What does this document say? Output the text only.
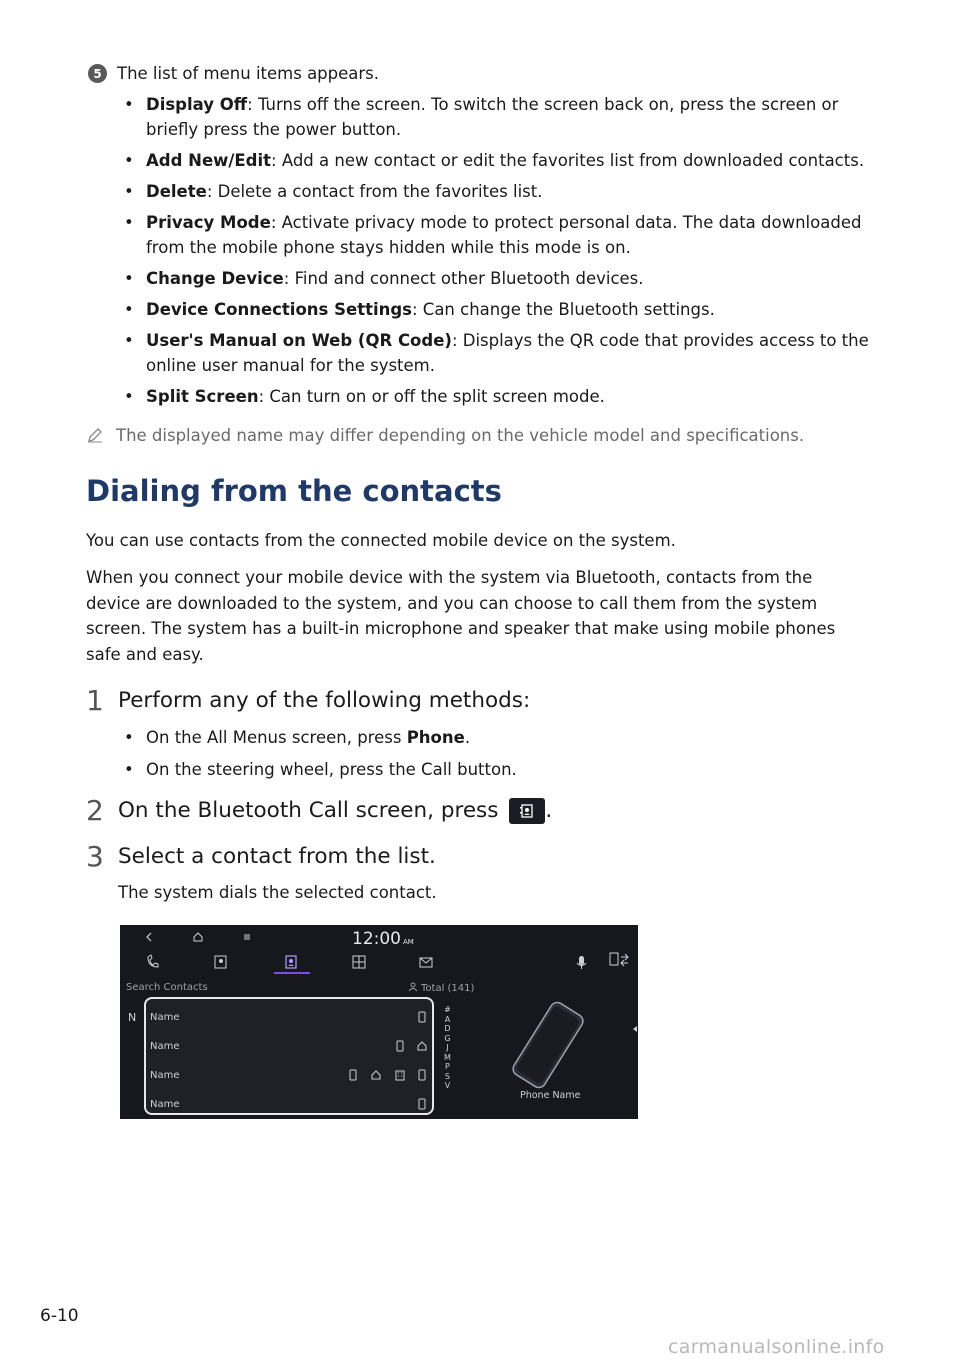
5 The list of menu items appears.
• Display Off: Turns off the screen. To switch the screen back on, press the screen or briefly press the power button.
• Add New/Edit: Add a new contact or edit the favorites list from downloaded contacts.
• Delete: Delete a contact from the favorites list.
• Privacy Mode: Activate privacy mode to protect personal data. The data downloaded from the mobile phone stays hidden while this mode is on.
• Change Device: Find and connect other Bluetooth devices.
• Device Connections Settings: Can change the Bluetooth settings.
• User's Manual on Web (QR Code): Displays the QR code that provides access to the online user manual for the system.
• Split Screen: Can turn on or off the split screen mode.
The displayed name may differ depending on the vehicle model and specifications.
Dialing from the contacts

You can use contacts from the connected mobile device on the system.

When you connect your mobile device with the system via Bluetooth, contacts from the device are downloaded to the system, and you can choose to call them from the system screen. The system has a built-in microphone and speaker that make using mobile phones safe and easy.

1 Perform any of the following methods:
• On the All Menus screen, press Phone.
• On the steering wheel, press the Call button.
2 On the Bluetooth Call screen, press .
3 Select a contact from the list.

The system dials the selected contact.

12:00 AM
Search Contacts	Total (141)
N Name
Name
Name
Name
#
A
D
G
J
M
P
S
V
Phone Name
6-10
carmanualsonline.info
